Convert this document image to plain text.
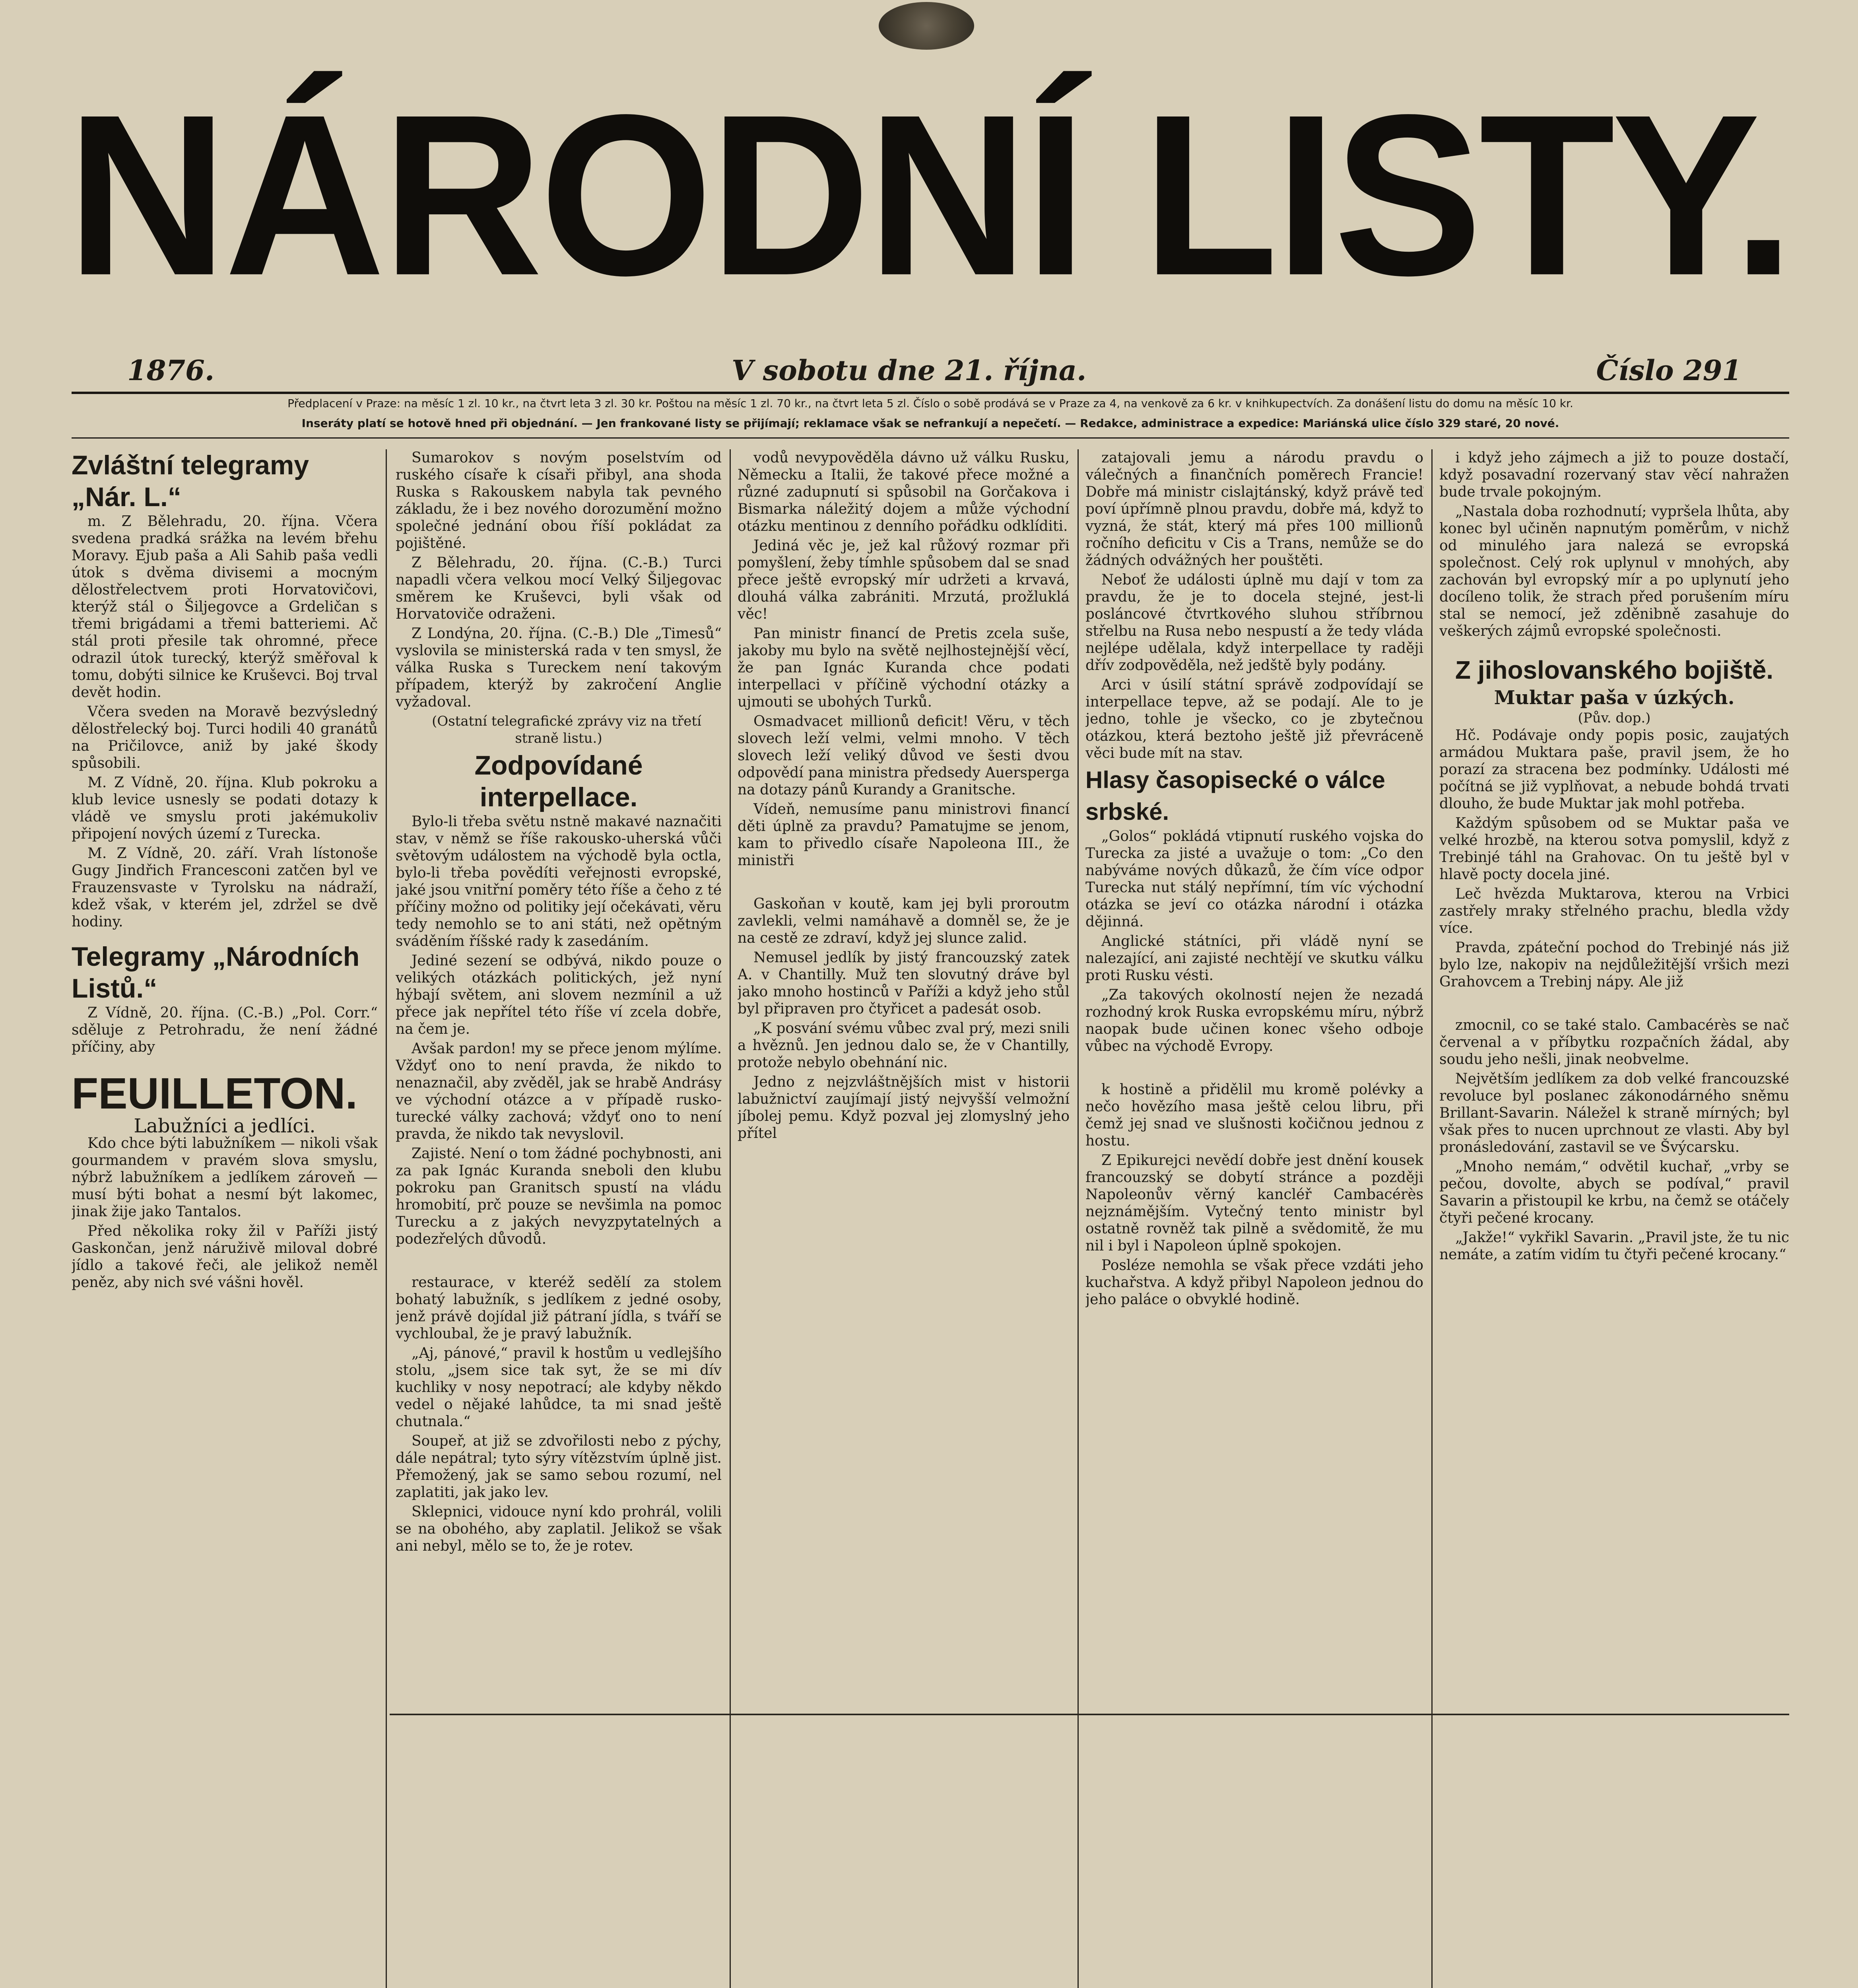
NÁRODNÍ LISTY.
1876.	V sobotu dne 21. října.	Číslo 291
Předplacení v Praze: na měsíc 1 zl. 10 kr., na čtvrt leta 3 zl. 30 kr. Poštou na měsíc 1 zl. 70 kr., na čtvrt leta 5 zl. Číslo o sobě prodává se v Praze za 4, na venkově za 6 kr. v knihkupectvích. Za donášení listu do domu na měsíc 10 kr.
Inseráty platí se hotově hned při objednání. — Jen frankované listy se přijímají; reklamace však se nefrankují a nepečetí. — Redakce, administrace a expedice: Mariánská ulice číslo 329 staré, 20 nové.
Zvláštní telegramy „Nár. L.“

m. Z Bělehradu, 20. října. Včera svedena pradká srážka na levém břehu Moravy. Ejub paša a Ali Sahib paša vedli útok s dvěma divisemi a mocným dělostřelectvem proti Horvatovičovi, kterýž stál o Šiljegovce a Grdeličan s třemi brigádami a třemi batteriemi. Ač stál proti přesile tak ohromné, přece odrazil útok turecký, kterýž směřoval k tomu, dobýti silnice ke Kruševci. Boj trval devět hodin.

Včera sveden na Moravě bezvýsledný dělostřelecký boj. Turci hodili 40 granátů na Pričilovce, aniž by jaké škody spůsobili.

M. Z Vídně, 20. října. Klub pokroku a klub levice usnesly se podati dotazy k vládě ve smyslu proti jakémukoliv připojení nových území z Turecka.

M. Z Vídně, 20. září. Vrah lístonoše Gugy Jindřich Francesconi zatčen byl ve Frauzensvaste v Tyrolsku na nádraží, kdež však, v kterém jel, zdržel se dvě hodiny.

Telegramy „Národních Listů.“

Z Vídně, 20. října. (C.-B.) „Pol. Corr.“ sděluje z Petrohradu, že není žádné příčiny, aby

FEUILLETON.
Labužníci a jedlíci.

Kdo chce býti labužníkem — nikoli však gourmandem v pravém slova smyslu, nýbrž labužníkem a jedlíkem zároveň — musí býti bohat a nesmí být lakomec, jinak žije jako Tantalos.

Před několika roky žil v Paříži jistý Gaskončan, jenž náruživě miloval dobré jídlo a takové řeči, ale jelikož neměl peněz, aby nich své vášni hověl.

Sumarokov s novým poselstvím od ruského císaře k císaři přibyl, ana shoda Ruska s Rakouskem nabyla tak pevného základu, že i bez nového dorozumění možno společné jednání obou říší pokládat za pojištěné.

Z Bělehradu, 20. října. (C.-B.) Turci napadli včera velkou mocí Velký Šiljegovac směrem ke Kruševci, byli však od Horvatoviče odraženi.

Z Londýna, 20. října. (C.-B.) Dle „Timesů“ vyslovila se ministerská rada v ten smysl, že válka Ruska s Tureckem není takovým případem, kterýž by zakročení Anglie vyžadoval.

(Ostatní telegrafické zprávy viz na třetí straně listu.)

Zodpovídané interpellace.

Bylo-li třeba světu nstně makavé naznačiti stav, v němž se říše rakousko-uherská vůči světovým událostem na východě byla octla, bylo-li třeba povědíti veřejnosti evropské, jaké jsou vnitřní poměry této říše a čeho z té příčiny možno od politiky její očekávati, věru tedy nemohlo se to ani státi, než opětným sváděním říšské rady k zasedáním.

Jediné sezení se odbývá, nikdo pouze o velikých otázkách politických, jež nyní hýbají světem, ani slovem nezmínil a už přece jak nepřítel této říše ví zcela dobře, na čem je.

Avšak pardon! my se přece jenom mýlíme. Vždyť ono to není pravda, že nikdo to nenaznačil, aby zvěděl, jak se hrabě Andrásy ve východní otázce a v případě rusko-turecké války zachová; vždyť ono to není pravda, že nikdo tak nevyslovil.

Zajisté. Není o tom žádné pochybnosti, ani za pak Ignác Kuranda sneboli den klubu pokroku pan Granitsch spustí na vládu hromobití, prč pouze se nevšimla na pomoc Turecku a z jakých nevyzpytatelných a podezřelých důvodů.

restaurace, v kteréž sedělí za stolem bohatý labužník, s jedlíkem z jedné osoby, jenž právě dojídal již pátraní jídla, s tváří se vychloubal, že je pravý labužník.

„Aj, pánové,“ pravil k hostům u vedlejšího stolu, „jsem sice tak syt, že se mi dív kuchliky v nosy nepotrací; ale kdyby někdo vedel o nějaké lahůdce, ta mi snad ještě chutnala.“

Soupeř, at již se zdvořilosti nebo z pýchy, dále nepátral; tyto sýry vítězstvím úplně jist. Přemožený, jak se samo sebou rozumí, nel zaplatiti, jak jako lev.

Sklepnici, vidouce nyní kdo prohrál, volili se na obohého, aby zaplatil. Jelikož se však ani nebyl, mělo se to, že je rotev.

vodů nevypověděla dávno už válku Rusku, Německu a Italii, že takové přece možné a různé zadupnutí si spůsobil na Gorčakova i Bismarka náležitý dojem a může východní otázku mentinou z denního pořádku odklíditi.

Jediná věc je, jež kal růžový rozmar při pomyšlení, žeby tímhle spůsobem dal se snad přece ještě evropský mír udržeti a krvavá, dlouhá válka zabrániti. Mrzutá, prožluklá věc!

Pan ministr financí de Pretis zcela suše, jakoby mu bylo na světě nejlhostejnější věcí, že pan Ignác Kuranda chce podati interpellaci v příčině východní otázky a ujmouti se ubohých Turků.

Osmadvacet millionů deficit! Věru, v těch slovech leží velmi, velmi mnoho. V těch slovech leží veliký důvod ve šesti dvou odpovědí pana ministra předsedy Auersperga na dotazy pánů Kurandy a Granitsche.

Vídeň, nemusíme panu ministrovi financí děti úplně za pravdu? Pamatujme se jenom, kam to přivedlo císaře Napoleona III., že ministři

Gaskoňan v koutě, kam jej byli proroutm zavlekli, velmi namáhavě a domněl se, že je na cestě ze zdraví, když jej slunce zalid.

Nemusel jedlík by jistý francouzský zatek A. v Chantilly. Muž ten slovutný dráve byl jako mnoho hostinců v Paříži a když jeho stůl byl připraven pro čtyřicet a padesát osob.

„K posvání svému vůbec zval prý, mezi snili a hvěznů. Jen jednou dalo se, že v Chantilly, protože nebylo obehnání nic.

Jedno z nejzvláštnějších mist v historii labužnictví zaujímají jistý nejvyšší velmožní jíbolej pemu. Když pozval jej zlomyslný jeho přítel

zatajovali jemu a národu pravdu o válečných a finančních poměrech Francie! Dobře má ministr cislajtánský, když právě teď poví úpřímně plnou pravdu, dobře má, když to vyzná, že stát, který má přes 100 millionů ročního deficitu v Cis a Trans, nemůže se do žádných odvážných her pouštěti.

Neboť že události úplně mu dají v tom za pravdu, že je to docela stejné, jest-li posláncové čtvrtkového sluhou stříbrnou střelbu na Rusa nebo nespustí a že tedy vláda nejlépe udělala, když interpellace ty raději dřív zodpověděla, než jedště byly podány.

Arci v úsilí státní správě zodpovídají se interpellace tepve, až se podají. Ale to je jedno, tohle je všecko, co je zbytečnou otázkou, která beztoho ještě již převráceně věci bude mít na stav.

Hlasy časopisecké o válce srbské.

„Golos“ pokládá vtipnutí ruského vojska do Turecka za jisté a uvažuje o tom: „Co den nabýváme nových důkazů, že čím více odpor Turecka nut stálý nepřímní, tím víc východní otázka se jeví co otázka národní i otázka dějinná.

Anglické státníci, při vládě nyní se nalezající, ani zajisté nechtějí ve skutku válku proti Rusku vésti.

„Za takových okolností nejen že nezadá rozhodný krok Ruska evropskému míru, nýbrž naopak bude učinen konec všeho odboje vůbec na východě Evropy.

k hostině a přidělil mu kromě polévky a nečo hovězího masa ještě celou libru, při čemž jej snad ve slušnosti kočičnou jednou z hostu.

Z Epikurejci nevědí dobře jest dnění kousek francouzský se dobytí stránce a později Napoleonův věrný kancléř Cambacérès nejznámějším. Vytečný tento ministr byl ostatně rovněž tak pilně a svědomitě, že mu nil i byl i Napoleon úplně spokojen.

Posléze nemohla se však přece vzdáti jeho kuchařstva. A když přibyl Napoleon jednou do jeho paláce o obvyklé hodině.

i když jeho zájmech a již to pouze dostačí, když posavadní rozervaný stav věcí nahražen bude trvale pokojným.

„Nastala doba rozhodnutí; vypršela lhůta, aby konec byl učiněn napnutým poměrům, v nichž od minulého jara nalezá se evropská společnost. Celý rok uplynul v mnohých, aby zachován byl evropský mír a po uplynutí jeho docíleno tolik, že strach před porušením míru stal se nemocí, jež zděnibně zasahuje do veškerých zájmů evropské společnosti.

Z jihoslovanského bojiště.
Muktar paša v úzkých.
(Pův. dop.)

Hč. Podávaje ondy popis posic, zaujatých armádou Muktara paše, pravil jsem, že ho porazí za stracena bez podmínky. Události mé počítná se již vyplňovat, a nebude bohdá trvati dlouho, že bude Muktar jak mohl potřeba.

Každým spůsobem od se Muktar paša ve velké hrozbě, na kterou sotva pomyslil, když z Trebinjé táhl na Grahovac. On tu ještě byl v hlavě pocty docela jiné.

Leč hvězda Muktarova, kterou na Vrbici zastřely mraky střelného prachu, bledla vždy více.

Pravda, zpáteční pochod do Trebinjé nás již bylo lze, nakopiv na nejdůležitější vršich mezi Grahovcem a Trebinj nápy. Ale již

zmocnil, co se také stalo. Cambacérès se nač červenal a v příbytku rozpačních žádal, aby soudu jeho nešli, jinak neobvelme.

Největším jedlíkem za dob velké francouzské revoluce byl poslanec zákonodárného sněmu Brillant-Savarin. Náležel k straně mírných; byl však přes to nucen uprchnout ze vlasti. Aby byl pronásledování, zastavil se ve Švýcarsku.

„Mnoho nemám,“ odvětil kuchař, „vrby se pečou, dovolte, abych se podíval,“ pravil Savarin a přistoupil ke krbu, na čemž se otáčely čtyři pečené krocany.

„Jakže!“ vykřikl Savarin. „Pravil jste, že tu nic nemáte, a zatím vidím tu čtyři pečené krocany.“
